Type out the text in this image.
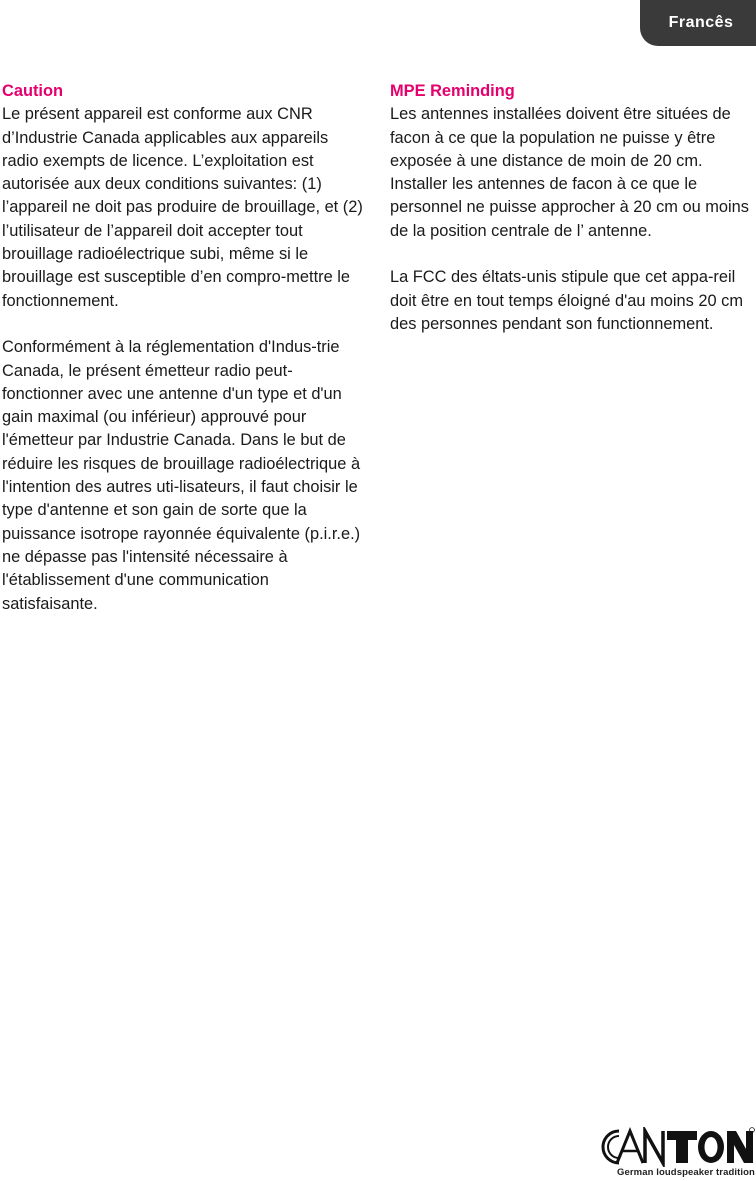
Francês
Caution

Le présent appareil est conforme aux CNR d’Industrie Canada applicables aux appareils radio exempts de licence. L’exploitation est autorisée aux deux conditions suivantes: (1) l’appareil ne doit pas produire de brouillage, et (2) l’utilisateur de l’appareil doit accepter tout brouillage radioélectrique subi, même si le brouillage est susceptible d’en compro-mettre le fonctionnement.

Conformément à la réglementation d'Indus-trie Canada, le présent émetteur radio peut-fonctionner avec une antenne d'un type et d'un gain maximal (ou inférieur) approuvé pour l'émetteur par Industrie Canada. Dans le but de réduire les risques de brouillage radioélectrique à l'intention des autres uti-lisateurs, il faut choisir le type d'antenne et son gain de sorte que la puissance isotrope rayonnée équivalente (p.i.r.e.) ne dépasse pas l'intensité nécessaire à l'établissement d'une communication satisfaisante.

MPE Reminding

Les antennes installées doivent être situées de facon à ce que la population ne puisse y être exposée à une distance de moin de 20 cm. Installer les antennes de facon à ce que le personnel ne puisse approcher à 20 cm ou moins de la position centrale de l’ antenne.

La FCC des éltats-unis stipule que cet appa-reil doit être en tout temps éloigné d'au moins 20 cm des personnes pendant son functionnement.

German loudspeaker tradition
